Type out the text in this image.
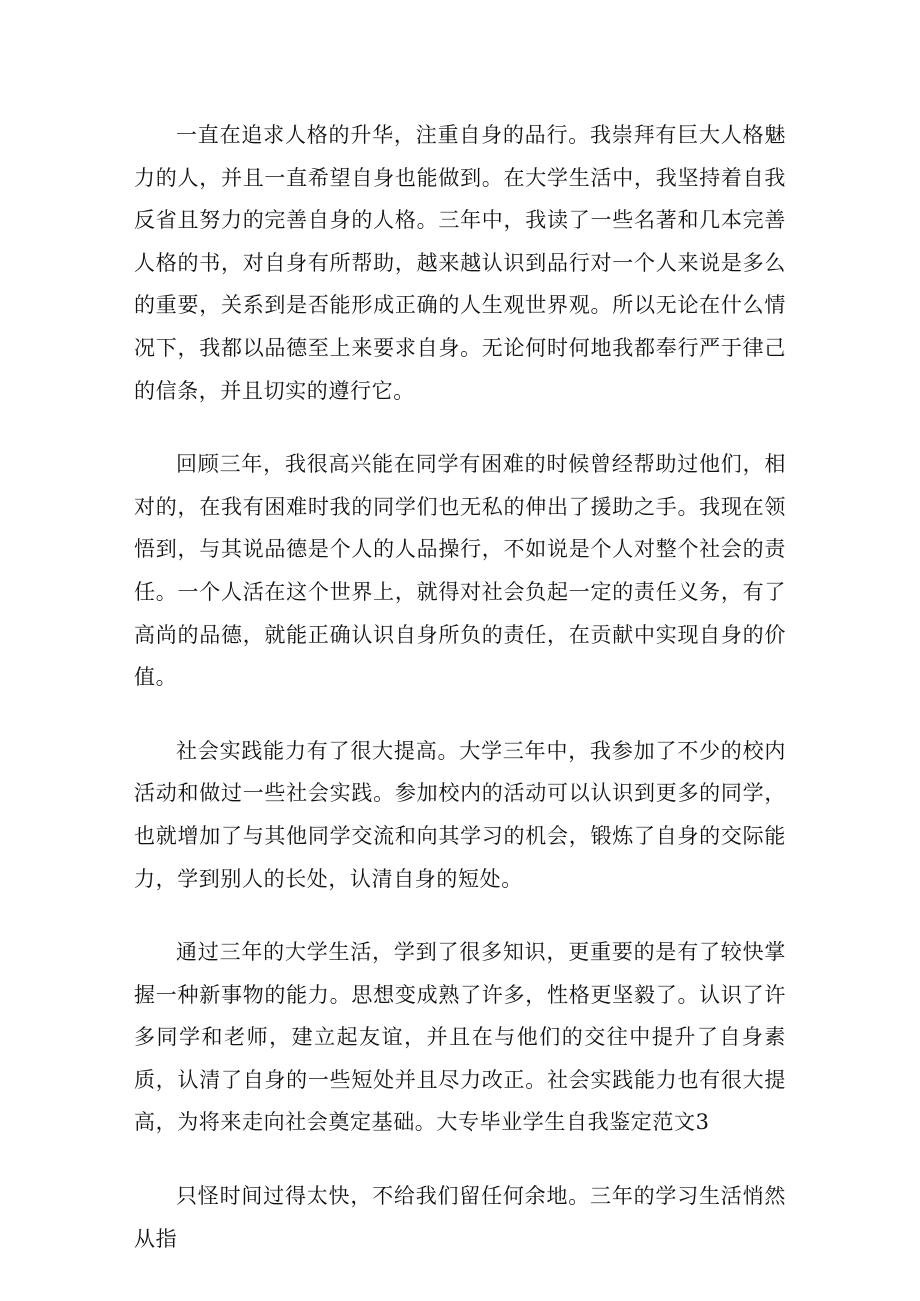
一直在追求人格的升华，注重自身的品行。我崇拜有巨大人格魅力的人，并且一直希望自身也能做到。在大学生活中，我坚持着自我反省且努力的完善自身的人格。三年中，我读了一些名著和几本完善人格的书，对自身有所帮助，越来越认识到品行对一个人来说是多么的重要，关系到是否能形成正确的人生观世界观。所以无论在什么情况下，我都以品德至上来要求自身。无论何时何地我都奉行严于律己的信条，并且切实的遵行它。

回顾三年，我很高兴能在同学有困难的时候曾经帮助过他们，相对的，在我有困难时我的同学们也无私的伸出了援助之手。我现在领悟到，与其说品德是个人的人品操行，不如说是个人对整个社会的责任。一个人活在这个世界上，就得对社会负起一定的责任义务，有了高尚的品德，就能正确认识自身所负的责任，在贡献中实现自身的价值。

社会实践能力有了很大提高。大学三年中，我参加了不少的校内活动和做过一些社会实践。参加校内的活动可以认识到更多的同学，也就增加了与其他同学交流和向其学习的机会，锻炼了自身的交际能力，学到别人的长处，认清自身的短处。

通过三年的大学生活，学到了很多知识，更重要的是有了较快掌握一种新事物的能力。思想变成熟了许多，性格更坚毅了。认识了许多同学和老师，建立起友谊，并且在与他们的交往中提升了自身素质，认清了自身的一些短处并且尽力改正。社会实践能力也有很大提高，为将来走向社会奠定基础。大专毕业学生自我鉴定范文3

只怪时间过得太快，不给我们留任何余地。三年的学习生活悄然从指
